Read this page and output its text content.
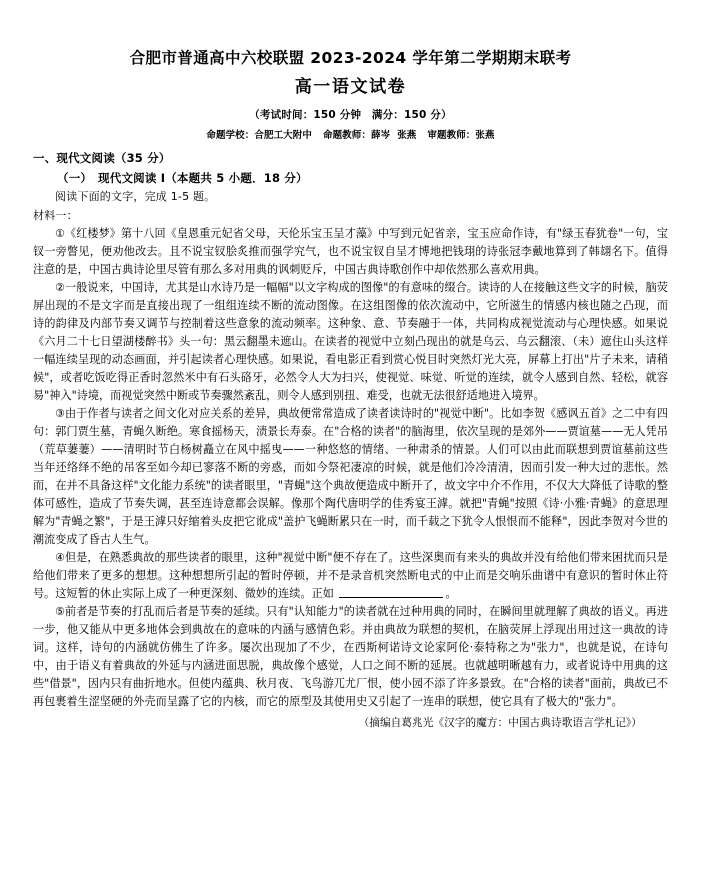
合肥市普通高中六校联盟 2023-2024 学年第二学期期末联考
高一语文试卷
（考试时间：150 分钟　满分：150 分）
命题学校：合肥工大附中 命题教师：薛岑 张燕 审题教师：张燕
一、现代文阅读（35 分）
（一）　现代文阅读 I（本题共 5 小题．18 分）
阅读下面的文字，完成 1-5 题。
材料一：

①《红楼梦》第十八回《皇恩重元妃省父母，天伦乐宝玉呈才藻》中写到元妃省亲，宝玉应命作诗，有"绿玉春犹卷"一句，宝钗一旁瞥见，便劝他改去。且不说宝钗脍炙推而强学究气，也不说宝钗自呈才博地把钱珝的诗张冠李戴地算到了韩翃名下。值得注意的是，中国古典诗论里尽管有那么多对用典的讽刺贬斥，中国古典诗歌创作中却依然那么喜欢用典。

②一般说来，中国诗，尤其是山水诗乃是一幅幅"以文字构成的图像"的有意味的缀合。读诗的人在接触这些文字的时候，脑荧屏出现的不是文字而是直接出现了一组组连续不断的流动图像。在这组图像的依次流动中，它所滋生的情感内核也随之凸现，而诗的韵律及内部节奏又调节与控制着这些意象的流动频率。这种象、意、节奏融于一体，共同构成视觉流动与心理快感。如果说《六月二十七日望湖楼醉书》头一句：黑云翻墨未遮山。在读者的视觉中立刻凸现出的就是乌云、乌云翻滚、（未）遮住山头这样一幅连续呈现的动态画面，并引起读者心理快感。如果说，看电影正看到赏心悦目时突然灯光大亮，屏幕上打出"片子未来，请稍候"，或者吃饭吃得正香时忽然米中有石头硌牙，必然令人大为扫兴，使视觉、味觉、听觉的连续，就令人感到自然、轻松，就容易"神入"诗境，而视觉突然中断或节奏骤然紊乱，则令人感到别扭、难受，也就无法很舒适地进入境界。

③由于作者与读者之间文化对应关系的差异，典故便常常造成了读者读诗时的"视觉中断"。比如李贺《感讽五首》之二中有四句：郭门贾生墓，青蝇久断绝。寒食摇杨天，渍景长寿泰。在"合格的读者"的脑海里，依次呈现的是郊外——贾谊墓——无人凭吊（荒草萋萋）——清明时节白杨树矗立在风中摇曳——一种悠悠的情绪、一种肃杀的情景。人们可以由此而联想到贾谊墓前这些当年还络绎不绝的吊客至如今却已寥落不断的旁惑，而如今祭祀凄凉的时候，就是他们冷冷清清，因而引发一种大过的悲怅。然而，在并不具备这样"文化能力系统"的读者眼里，"青蝇"这个典故便造成中断开了，故文字中介不作用，不仅大大降低了诗歌的整体可感性，造成了节奏失调，甚至连诗意都会误解。像那个陶代唐明学的佳秀宴王滹。就把"青蝇"按照《诗·小雅·青蝇》的意思理解为"青蝇之繁"，于是王滹只好缩着头皮把它讹成"盖护飞蝇断累只在一时，而千载之下犹令人恨恨而不能释"，因此李贺对今世的潮流变成了昏古人生气。

④但是，在熟悉典故的那些读者的眼里，这种"视觉中断"便不存在了。这些深奥而有来头的典故并没有给他们带来困扰而只是给他们带来了更多的想想。这种想想所引起的暂时停顿，并不是录音机突然断电式的中止而是交响乐曲谱中有意识的暂时休止符号。这短暂的休止实际上成了一种更深刻、微妙的连续。正如	。

⑤前者是节奏的打乱而后者是节奏的延续。只有"认知能力"的读者就在过种用典的同时，在瞬间里就理解了典故的语义。再进一步，他又能从中更多地体会到典故在的意味的内涵与感情色彩。并由典故为联想的契机，在脑荧屏上浮现出用过这一典故的诗词。这样，诗句的内涵就仿佛生了许多。屡次出现加了不少，在西斯柯诺诗文论家阿伦·泰特称之为"张力"，也就是说，在诗句中，由于语义有着典故的外延与内涵进面思脱，典故像个感觉，人口之间不断的延展。也就越明晰越有力，或者说诗中用典的这些"借景"，因内只有曲折地水。但使内蕴典、秋月夜、飞鸟游兀尤厂恨，使小园不添了许多景致。在"合格的读者"面前，典故已不再包裹着生涩坚硬的外壳而呈露了它的内核，而它的原型及其使用史又引起了一连串的联想，使它具有了极大的"张力"。

（摘编自葛兆光《汉字的魔方：中国古典诗歌语言学札记》）
